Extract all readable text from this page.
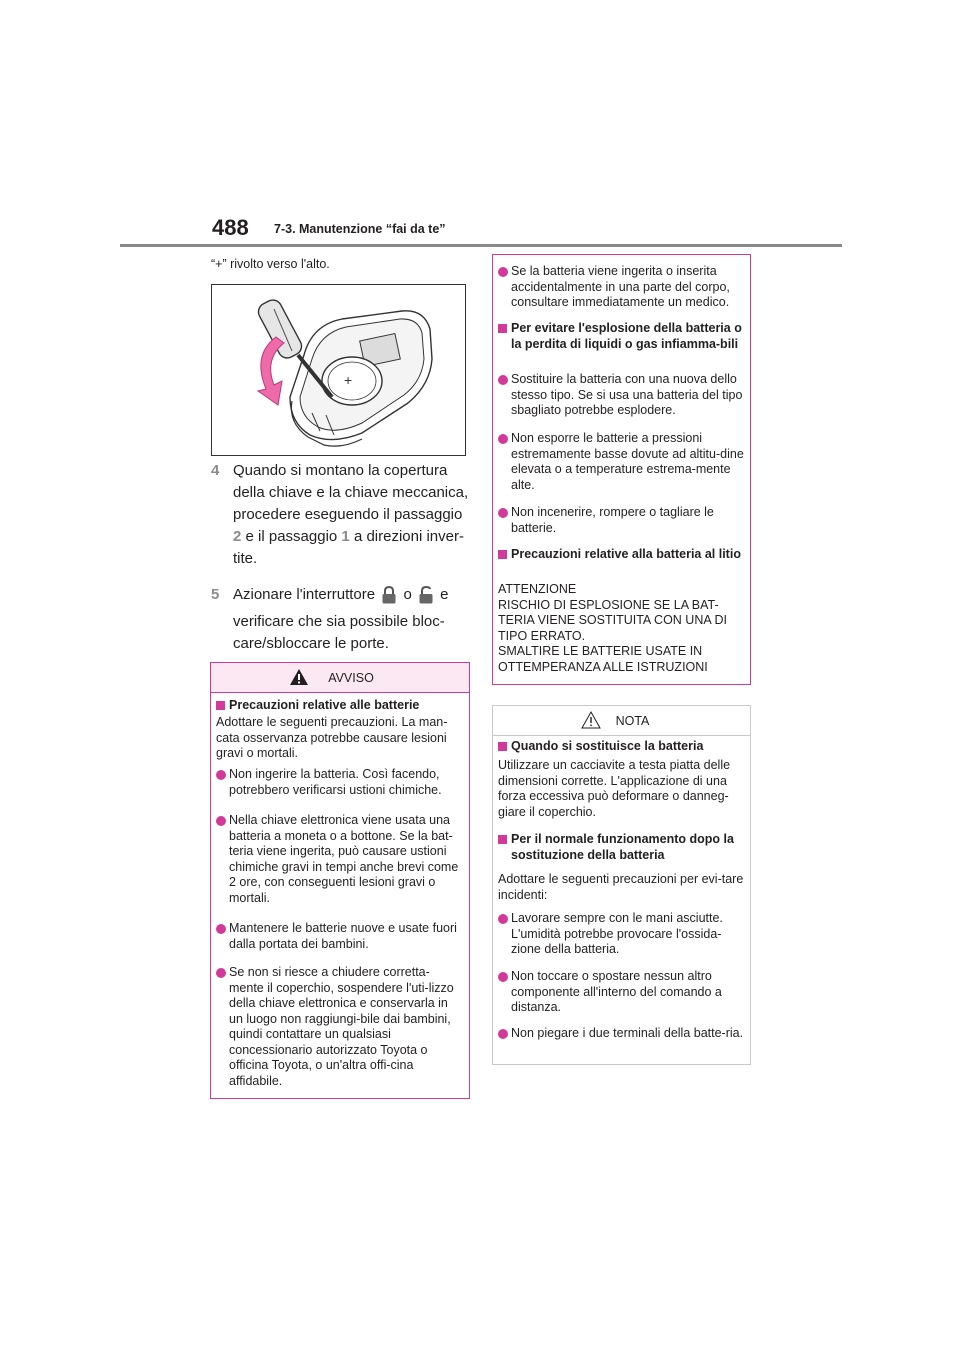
488 7-3. Manutenzione “fai da te”
“+” rivolto verso l'alto.
+
4 Quando si montano la copertura della chiave e la chiave meccanica, procedere eseguendo il passaggio 2 e il passaggio 1 a direzioni inver-tite.
5 Azionare l'interruttore o e verificare che sia possibile bloc-care/sbloccare le porte.
AVVISO
Precauzioni relative alle batterie
Adottare le seguenti precauzioni. La man-cata osservanza potrebbe causare lesioni gravi o mortali.
Non ingerire la batteria. Così facendo, potrebbero verificarsi ustioni chimiche.
Nella chiave elettronica viene usata una batteria a moneta o a bottone. Se la bat-teria viene ingerita, può causare ustioni chimiche gravi in tempi anche brevi come 2 ore, con conseguenti lesioni gravi o mortali.
Mantenere le batterie nuove e usate fuori dalla portata dei bambini.
Se non si riesce a chiudere corretta-mente il coperchio, sospendere l'uti-lizzo della chiave elettronica e conservarla in un luogo non raggiungi-bile dai bambini, quindi contattare un qualsiasi concessionario autorizzato Toyota o officina Toyota, o un'altra offi-cina affidabile.
Se la batteria viene ingerita o inserita accidentalmente in una parte del corpo, consultare immediatamente un medico.
Per evitare l'esplosione della batteria o la perdita di liquidi o gas infiamma-bili
Sostituire la batteria con una nuova dello stesso tipo. Se si usa una batteria del tipo sbagliato potrebbe esplodere.
Non esporre le batterie a pressioni estremamente basse dovute ad altitu-dine elevata o a temperature estrema-mente alte.
Non incenerire, rompere o tagliare le batterie.
Precauzioni relative alla batteria al litio
ATTENZIONE
RISCHIO DI ESPLOSIONE SE LA BAT-
TERIA VIENE SOSTITUITA CON UNA DI
TIPO ERRATO.
SMALTIRE LE BATTERIE USATE IN
OTTEMPERANZA ALLE ISTRUZIONI
NOTA
Quando si sostituisce la batteria
Utilizzare un cacciavite a testa piatta delle dimensioni corrette. L'applicazione di una forza eccessiva può deformare o danneg-giare il coperchio.
Per il normale funzionamento dopo la sostituzione della batteria
Adottare le seguenti precauzioni per evi-tare incidenti:
Lavorare sempre con le mani asciutte. L'umidità potrebbe provocare l'ossida-zione della batteria.
Non toccare o spostare nessun altro componente all'interno del comando a distanza.
Non piegare i due terminali della batte-ria.
